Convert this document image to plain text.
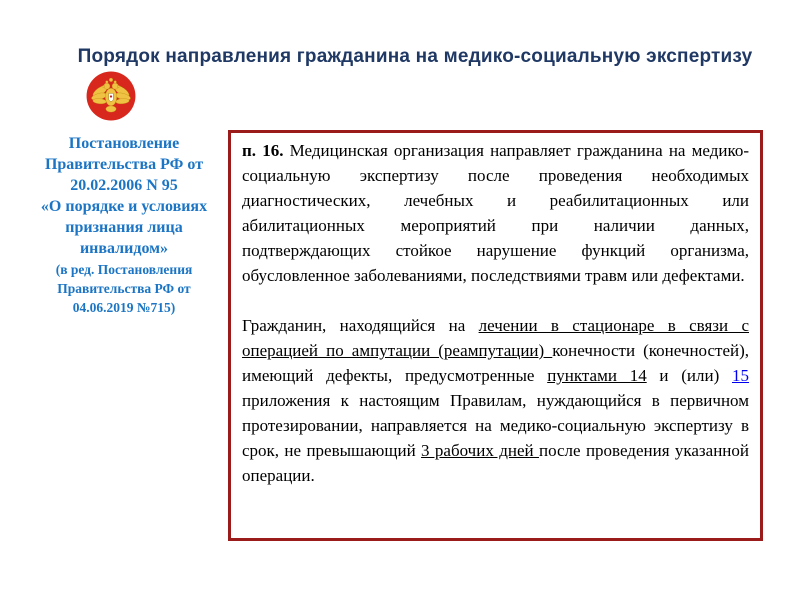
Порядок направления гражданина на медико-социальную экспертизу
Постановление Правительства РФ от 20.02.2006 N 95
«О порядке и условиях признания лица инвалидом»
(в ред. Постановления Правительства РФ от 04.06.2019 №715)

п. 16. Медицинская организация направляет гражданина на медико-социальную экспертизу после проведения необходимых диагностических, лечебных и реабилитационных или абилитационных мероприятий при наличии данных, подтверждающих стойкое нарушение функций организма, обусловленное заболеваниями, последствиями травм или дефектами.

Гражданин, находящийся на лечении в стационаре в связи с операцией по ампутации (реампутации) конечности (конечностей), имеющий дефекты, предусмотренные пунктами 14 и (или) 15 приложения к настоящим Правилам, нуждающийся в первичном протезировании, направляется на медико-социальную экспертизу в срок, не превышающий 3 рабочих дней после проведения указанной операции.
